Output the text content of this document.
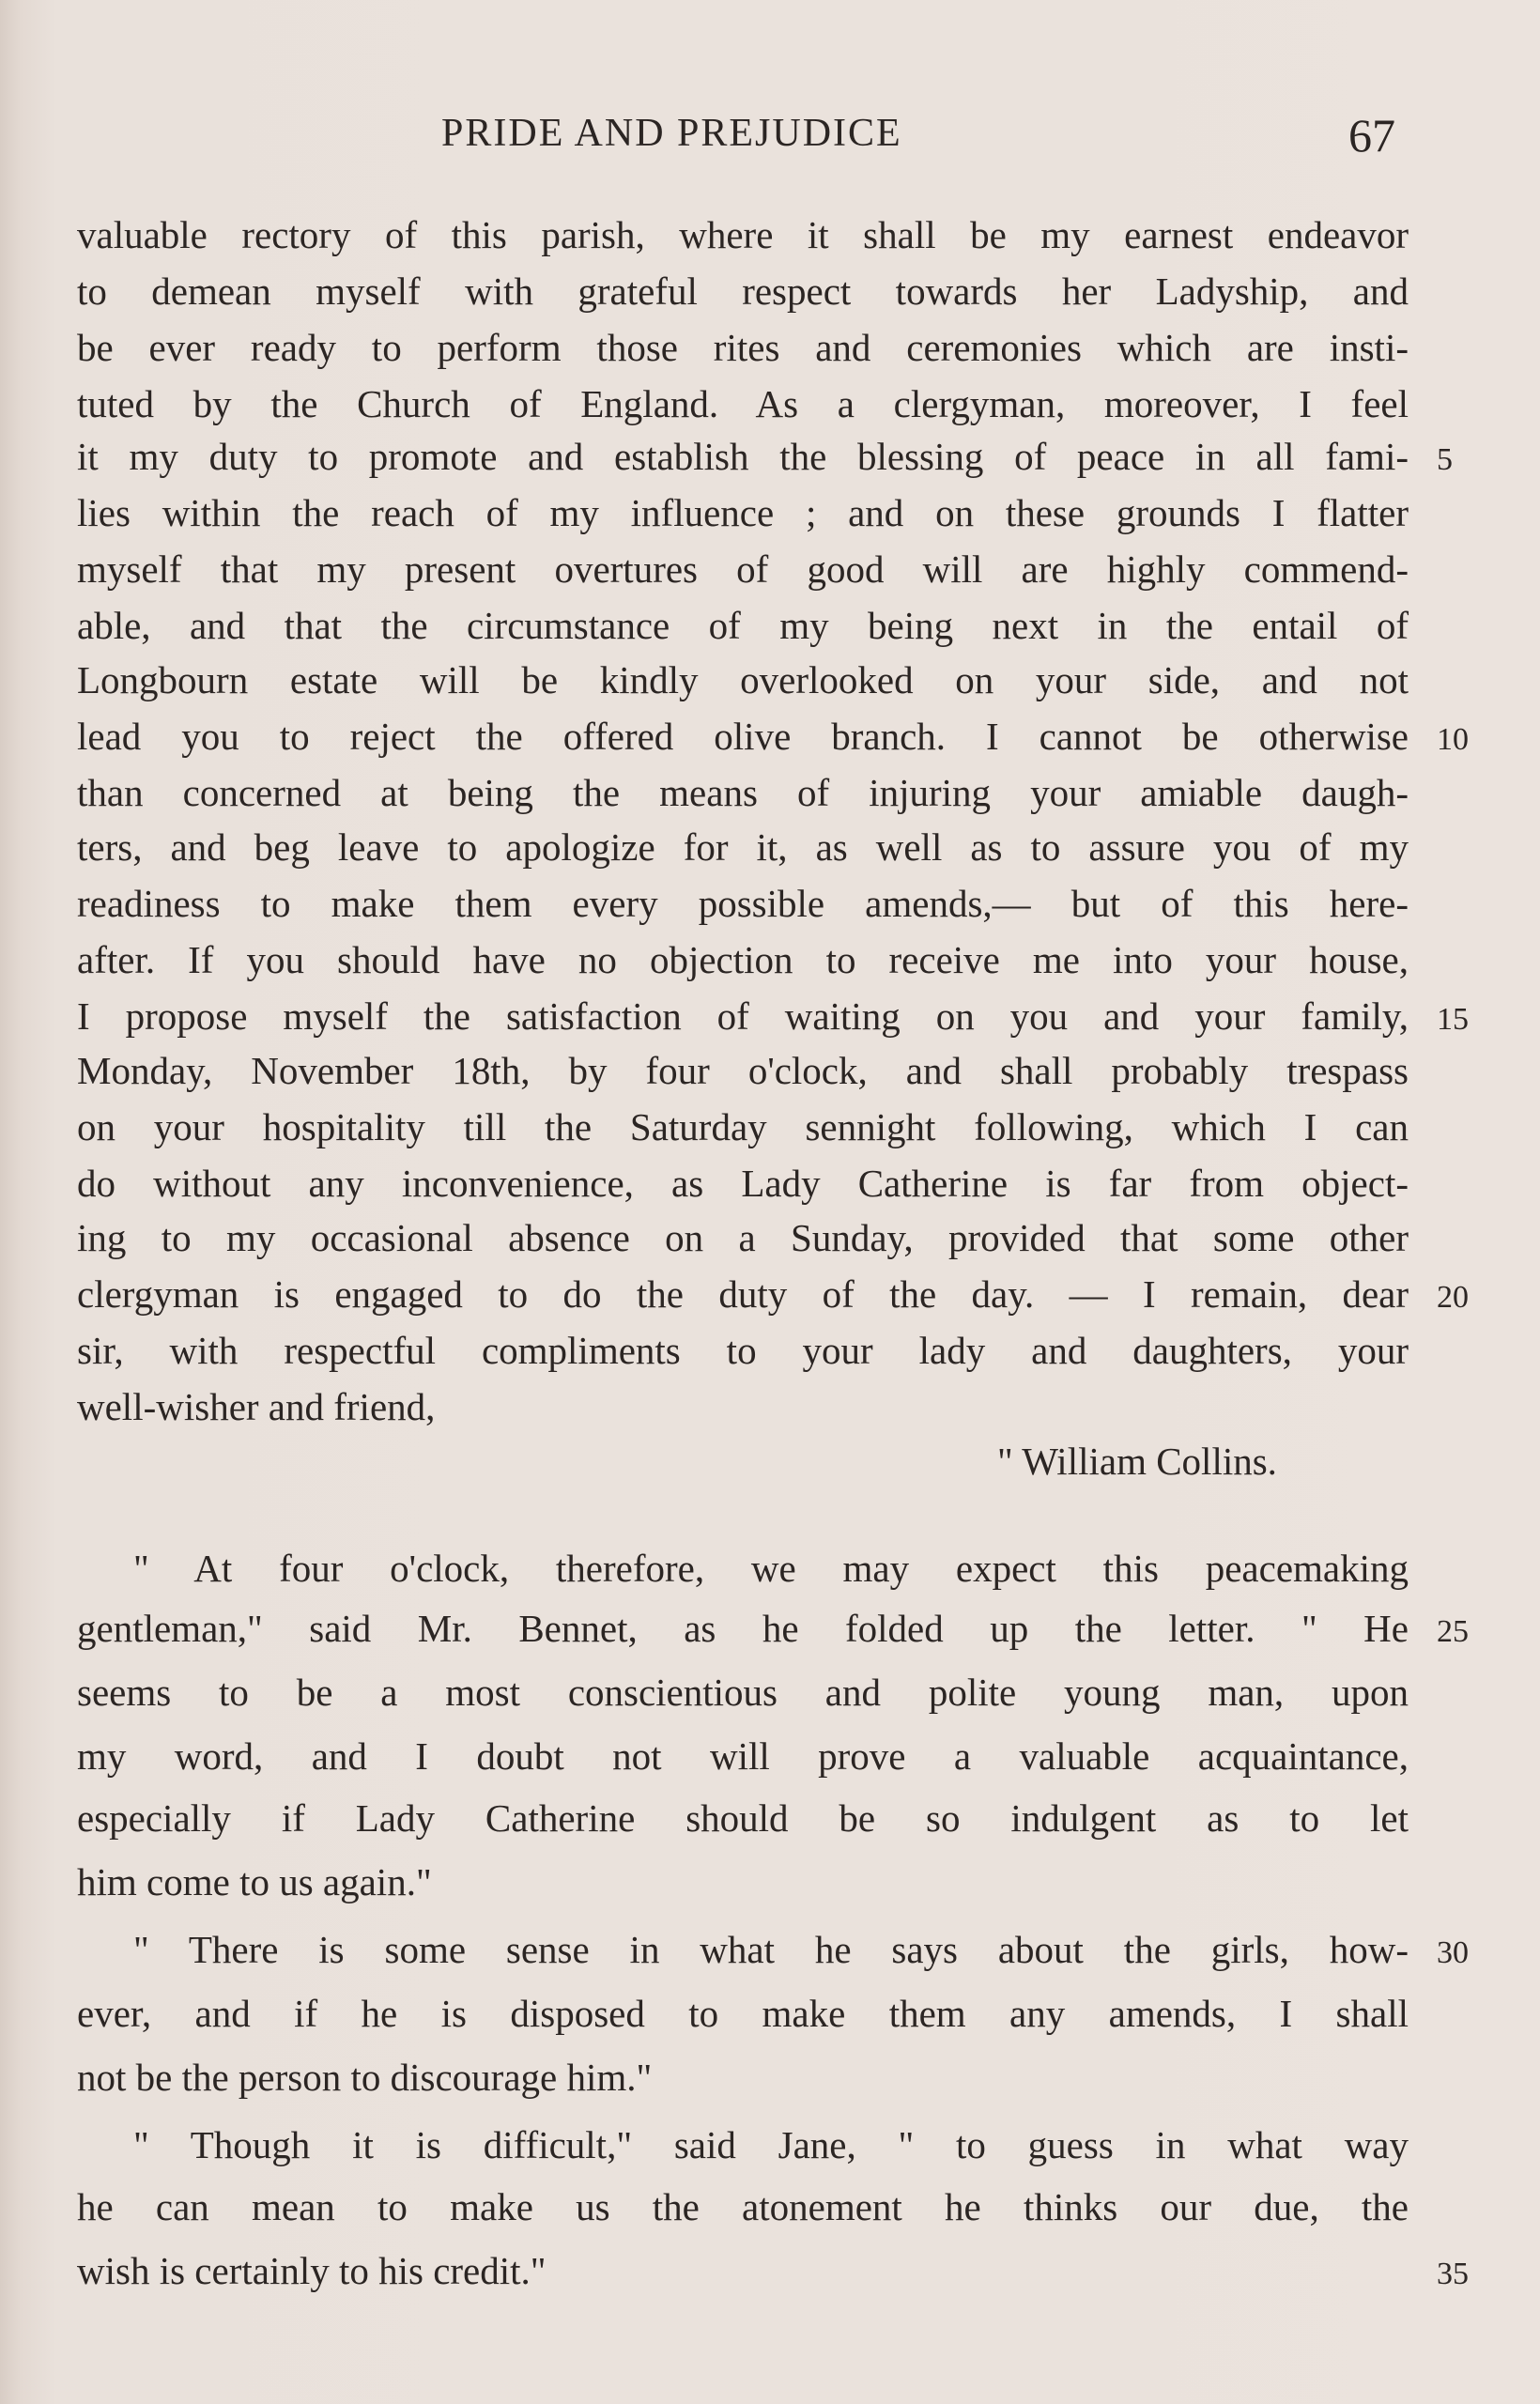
PRIDE AND PREJUDICE	67
valuable rectory of this parish, where it shall be my earnest endeavor
to demean myself with grateful respect towards her Ladyship, and
be ever ready to perform those rites and ceremonies which are insti-
tuted by the Church of England. As a clergyman, moreover, I feel
it my duty to promote and establish the blessing of peace in all fami-
lies within the reach of my influence ; and on these grounds I flatter
myself that my present overtures of good will are highly commend-
able, and that the circumstance of my being next in the entail of
Longbourn estate will be kindly overlooked on your side, and not
lead you to reject the offered olive branch. I cannot be otherwise
than concerned at being the means of injuring your amiable daugh-
ters, and beg leave to apologize for it, as well as to assure you of my
readiness to make them every possible amends,— but of this here-
after. If you should have no objection to receive me into your house,
I propose myself the satisfaction of waiting on you and your family,
Monday, November 18th, by four o'clock, and shall probably trespass
on your hospitality till the Saturday sennight following, which I can
do without any inconvenience, as Lady Catherine is far from object-
ing to my occasional absence on a Sunday, provided that some other
clergyman is engaged to do the duty of the day. — I remain, dear
sir, with respectful compliments to your lady and daughters, your
well-wisher and friend,
" William Collins.
" At four o'clock, therefore, we may expect this peacemaking
gentleman," said Mr. Bennet, as he folded up the letter. " He
seems to be a most conscientious and polite young man, upon
my word, and I doubt not will prove a valuable acquaintance,
especially if Lady Catherine should be so indulgent as to let
him come to us again."
" There is some sense in what he says about the girls, how-
ever, and if he is disposed to make them any amends, I shall
not be the person to discourage him."
" Though it is difficult," said Jane, " to guess in what way
he can mean to make us the atonement he thinks our due, the
wish is certainly to his credit."
5
10
15
20
25
30
35
